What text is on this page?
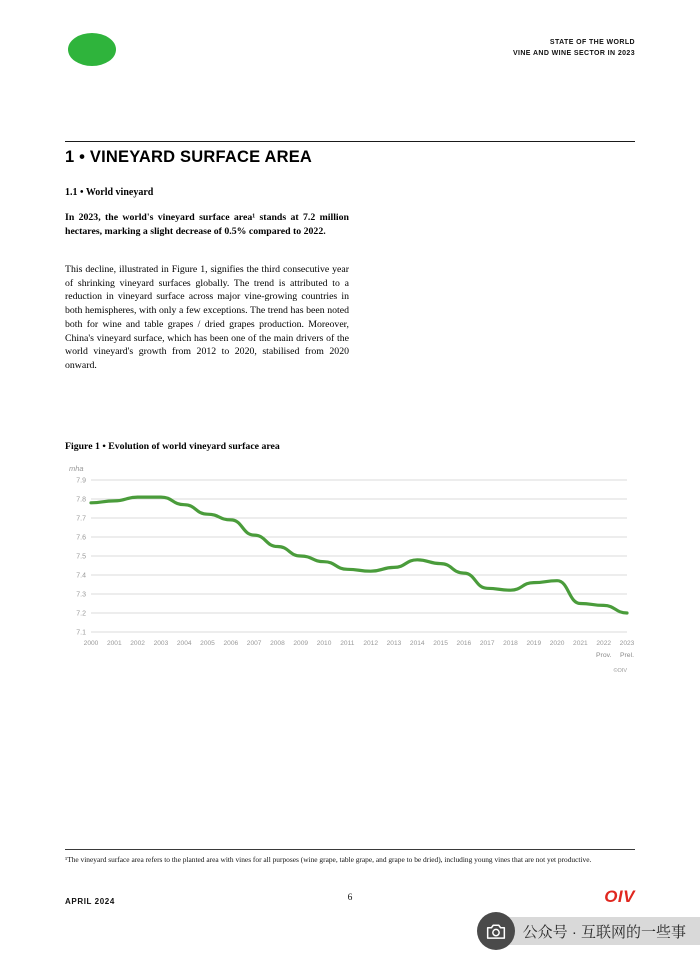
STATE OF THE WORLD
VINE AND WINE SECTOR IN 2023
1 • VINEYARD SURFACE AREA
1.1 • World vineyard

In 2023, the world's vineyard surface area¹ stands at 7.2 million hectares, marking a slight decrease of 0.5% compared to 2022.

This decline, illustrated in Figure 1, signifies the third consecutive year of shrinking vineyard surfaces globally. The trend is attributed to a reduction in vineyard surface across major vine-growing countries in both hemispheres, with only a few exceptions. The trend has been noted both for wine and table grapes / dried grapes production. Moreover, China's vineyard surface, which has been one of the main drivers of the world vineyard's growth from 2012 to 2020, stabilised from 2020 onward.

Figure 1 • Evolution of world vineyard surface area
mha
7.1
7.2
7.3
7.4
7.5
7.6
7.7
7.8
7.9
2000 2001 2002 2003 2004 2005 2006 2007 2008 2009 2010 2011 2012 2013 2014 2015 2016 2017 2018 2019 2020 2021 2022 2023
Prov. Prel.
©OIV

¹The vineyard surface area refers to the planted area with vines for all purposes (wine grape, table grape, and grape to be dried), including young vines that are not yet productive.

APRIL 2024	6	OIV
公众号 · 互联网的一些事
